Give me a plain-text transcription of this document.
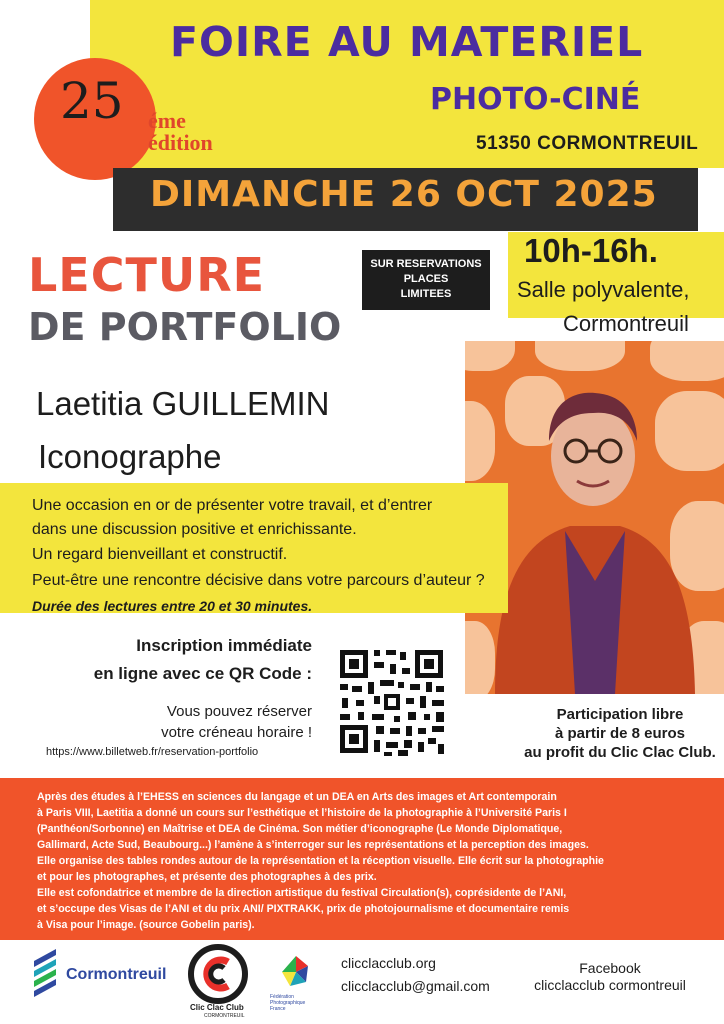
FOIRE AU MATERIEL
PHOTO-CINÉ
51350 CORMONTREUIL
25 éme
édition
DIMANCHE 26 OCT 2025
10h-16h.
Salle polyvalente,
Cormontreuil
LECTURE
DE PORTFOLIO
SUR RESERVATIONS
PLACES
LIMITEES
Laetitia GUILLEMIN
Iconographe
Une occasion en or de présenter votre travail, et d’entrer
dans une discussion positive et enrichissante.
Un regard bienveillant et constructif.
Peut-être une rencontre décisive dans votre parcours d’auteur ?
Durée des lectures entre 20 et 30 minutes.
Inscription immédiate
en ligne avec ce QR Code :
Vous pouvez réserver
votre créneau horaire !
https://www.billetweb.fr/reservation-portfolio
Participation libre
à partir de 8 euros
au profit du Clic Clac Club.
Après des études à l’EHESS en sciences du langage et un DEA en Arts des images et Art contemporain
à Paris VIII, Laetitia a donné un cours sur l’esthétique et l’histoire de la photographie à l’Université Paris I
(Panthéon/Sorbonne) en Maîtrise et DEA de Cinéma. Son métier d’iconographe (Le Monde Diplomatique,
Gallimard, Acte Sud, Beaubourg...) l’amène à s’interroger sur les représentations et la perception des images.
Elle organise des tables rondes autour de la représentation et la réception visuelle. Elle écrit sur la photographie
et pour les photographes, et présente des photographes à des prix.
Elle est cofondatrice et membre de la direction artistique du festival Circulation(s), coprésidente de l’ANI,
et s’occupe des Visas de l’ANI et du prix ANI/ PIXTRAKK, prix de photojournalisme et documentaire remis
à Visa pour l’image. (source Gobelin paris).
Cormontreuil
Clic Clac Club
CORMONTREUIL
Fédération
Photographique
France
clicclacclub.org
clicclacclub@gmail.com
Facebook
clicclacclub cormontreuil
